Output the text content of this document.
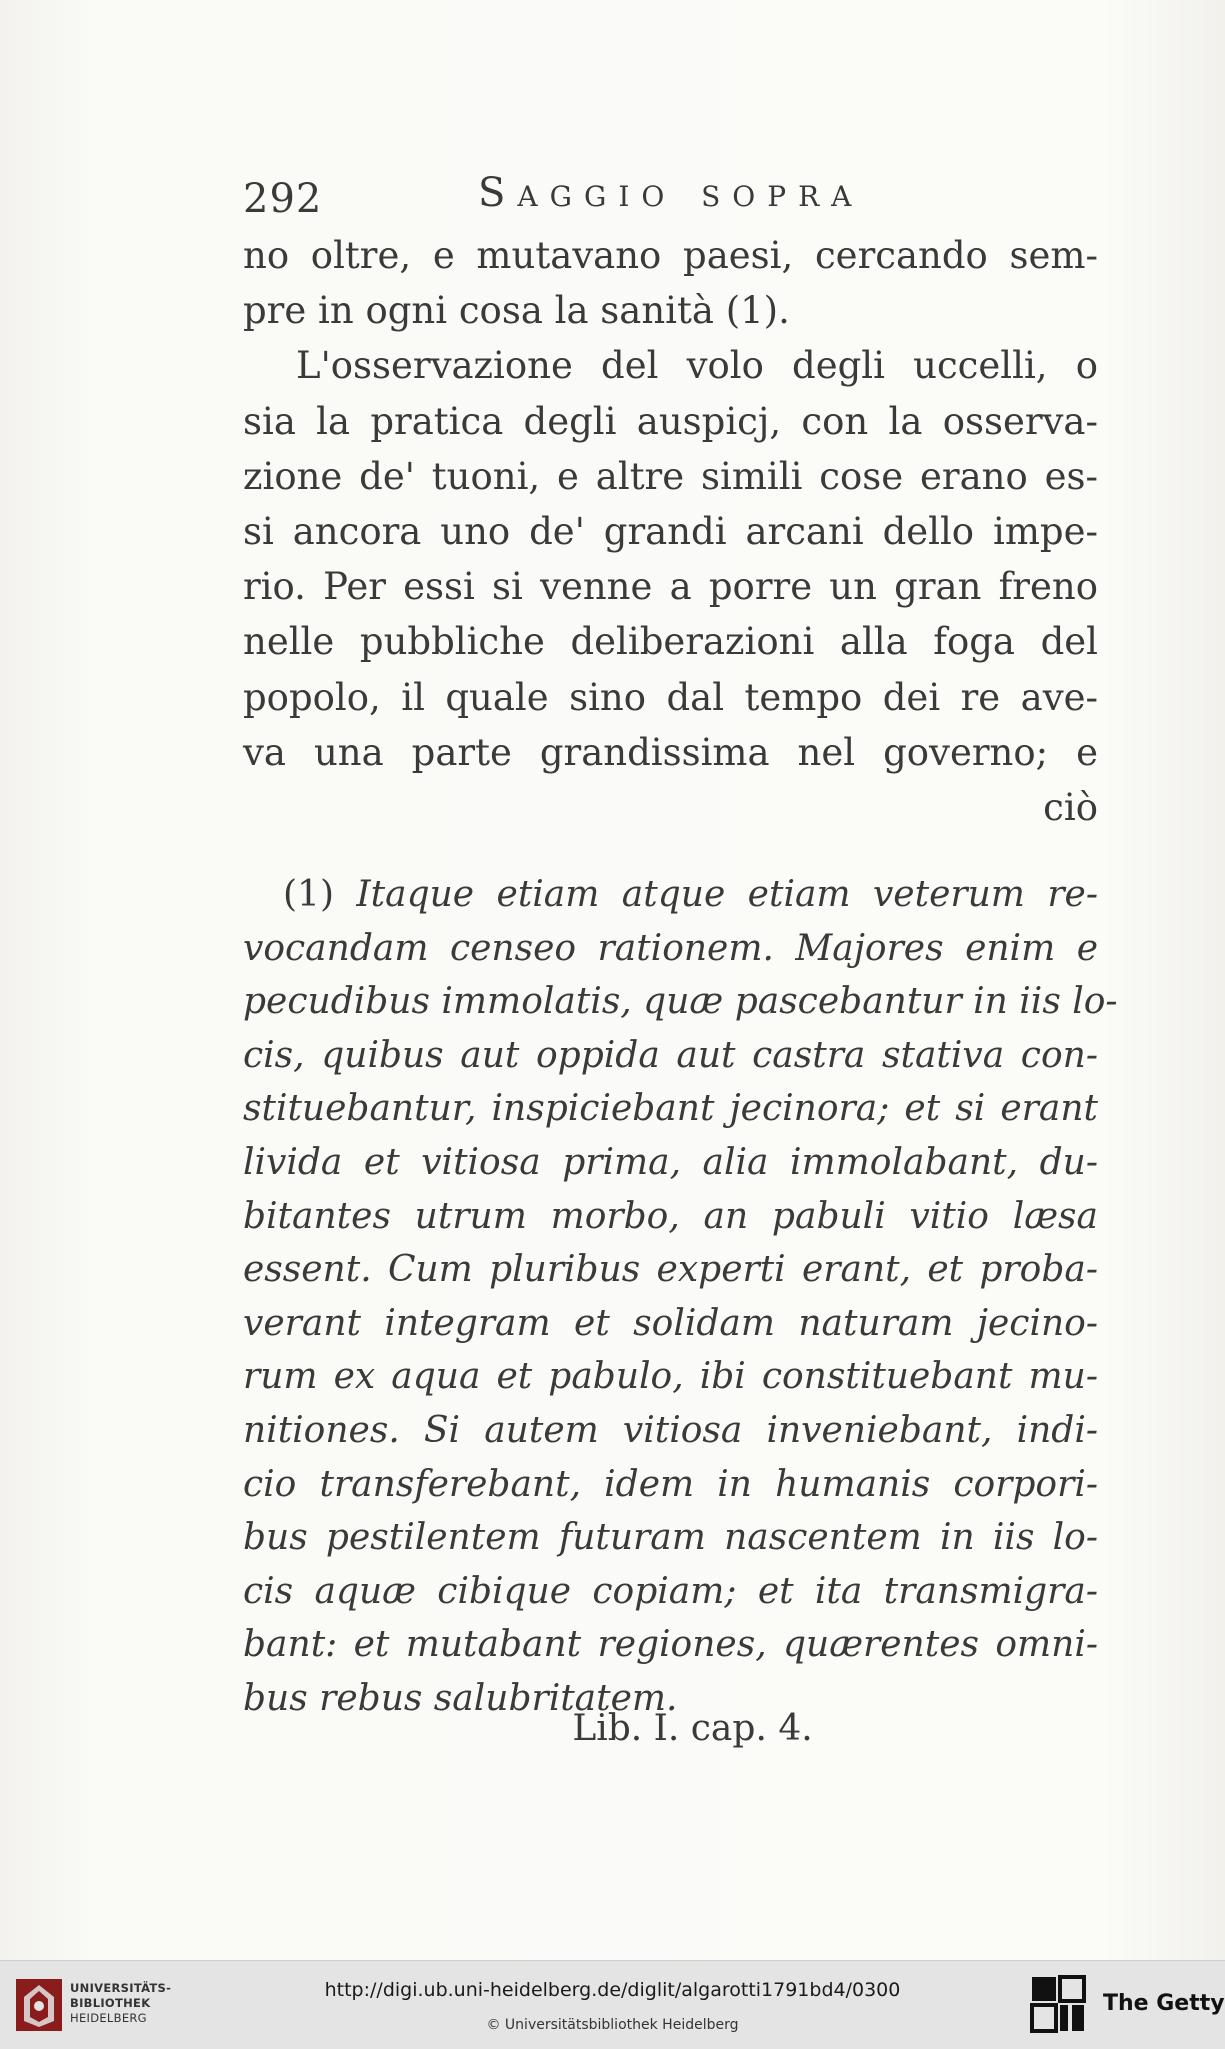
292	Saggio sopra
no oltre, e mutavano paesi, cercando sem-
pre in ogni cosa la sanità (1).
L'osservazione del volo degli uccelli, o
sia la pratica degli auspicj, con la osserva-
zione de' tuoni, e altre simili cose erano es-
si ancora uno de' grandi arcani dello impe-
rio. Per essi si venne a porre un gran freno
nelle pubbliche deliberazioni alla foga del
popolo, il quale sino dal tempo dei re ave-
va una parte grandissima nel governo; e
ciò
(1) Itaque etiam atque etiam veterum re-
vocandam censeo rationem. Majores enim e
pecudibus immolatis, quæ pascebantur in iis lo-
cis, quibus aut oppida aut castra stativa con-
stituebantur, inspiciebant jecinora; et si erant
livida et vitiosa prima, alia immolabant, du-
bitantes utrum morbo, an pabuli vitio læsa
essent. Cum pluribus experti erant, et proba-
verant integram et solidam naturam jecino-
rum ex aqua et pabulo, ibi constituebant mu-
nitiones. Si autem vitiosa inveniebant, indi-
cio transferebant, idem in humanis corpori-
bus pestilentem futuram nascentem in iis lo-
cis aquæ cibique copiam; et ita transmigra-
bant: et mutabant regiones, quærentes omni-
bus rebus salubritatem.
Lib. I. cap. 4.
UNIVERSITÄTS-
BIBLIOTHEK
HEIDELBERG
http://digi.ub.uni-heidelberg.de/diglit/algarotti1791bd4/0300
© Universitätsbibliothek Heidelberg
The Getty
